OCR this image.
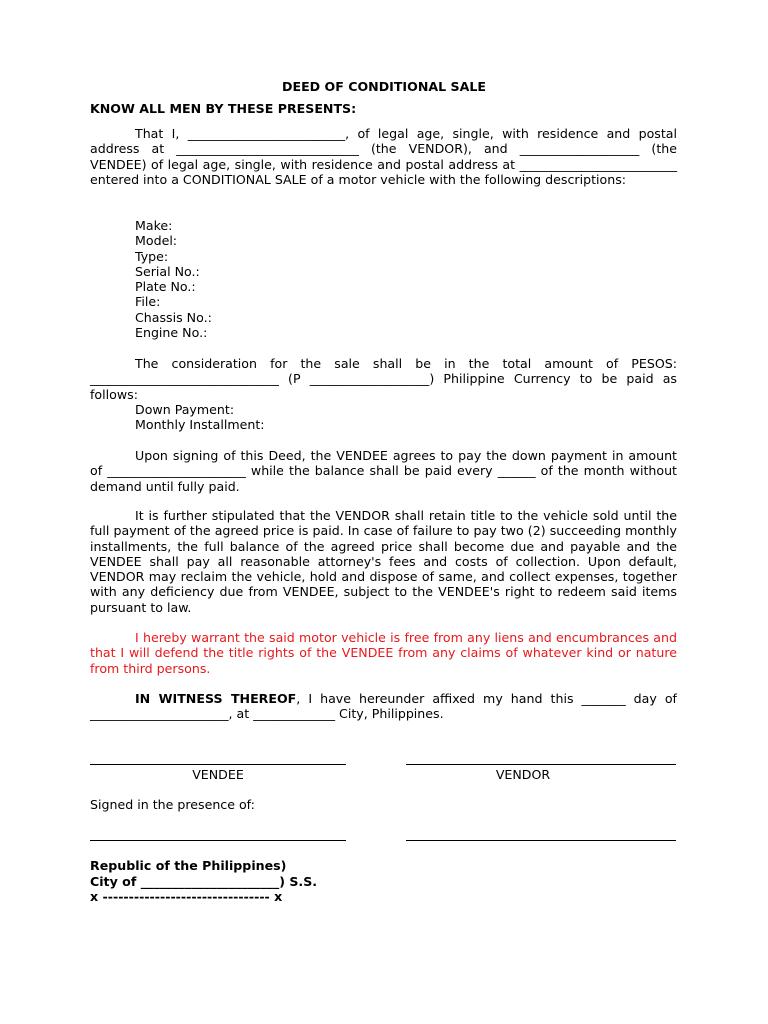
DEED OF CONDITIONAL SALE
KNOW ALL MEN BY THESE PRESENTS:

That I, _________________________, of legal age, single, with residence and postal address at _____________________________ (the VENDOR), and ___________________ (the VENDEE) of legal age, single, with residence and postal address at _________________________ entered into a CONDITIONAL SALE of a motor vehicle with the following descriptions:

Make:
Model:
Type:
Serial No.:
Plate No.:
File:
Chassis No.:
Engine No.:

The consideration for the sale shall be in the total amount of PESOS: ______________________________ (P ___________________) Philippine Currency to be paid as follows:

Down Payment:
Monthly Installment:

Upon signing of this Deed, the VENDEE agrees to pay the down payment in amount of ______________________ while the balance shall be paid every ______ of the month without demand until fully paid.

It is further stipulated that the VENDOR shall retain title to the vehicle sold until the full payment of the agreed price is paid. In case of failure to pay two (2) succeeding monthly installments, the full balance of the agreed price shall become due and payable and the VENDEE shall pay all reasonable attorney's fees and costs of collection. Upon default, VENDOR may reclaim the vehicle, hold and dispose of same, and collect expenses, together with any deficiency due from VENDEE, subject to the VENDEE's right to redeem said items pursuant to law.

I hereby warrant the said motor vehicle is free from any liens and encumbrances and that I will defend the title rights of the VENDEE from any claims of whatever kind or nature from third persons.

IN WITNESS THEREOF, I have hereunder affixed my hand this _______ day of ______________________, at _____________ City, Philippines.

VENDEE	VENDOR
Signed in the presence of:
Republic of the Philippines)
City of ______________________) S.S.
x -------------------------------- x
